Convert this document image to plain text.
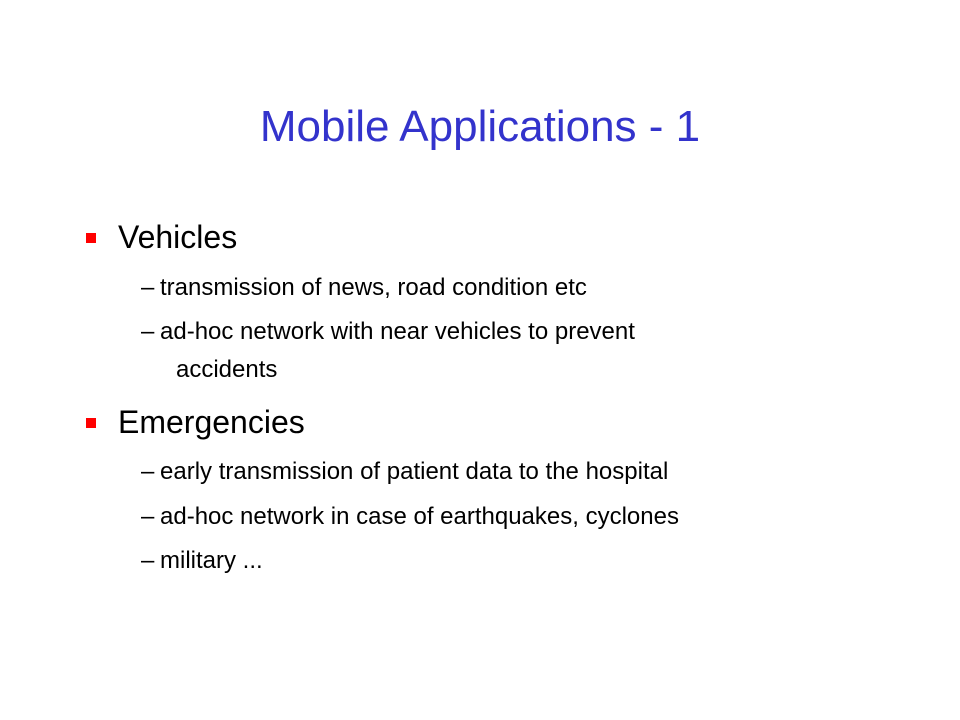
Mobile Applications - 1
Vehicles
– transmission of news, road condition etc
– ad-hoc network with near vehicles to prevent
accidents
Emergencies
– early transmission of patient data to the hospital
– ad-hoc network in case of earthquakes, cyclones
– military ...
